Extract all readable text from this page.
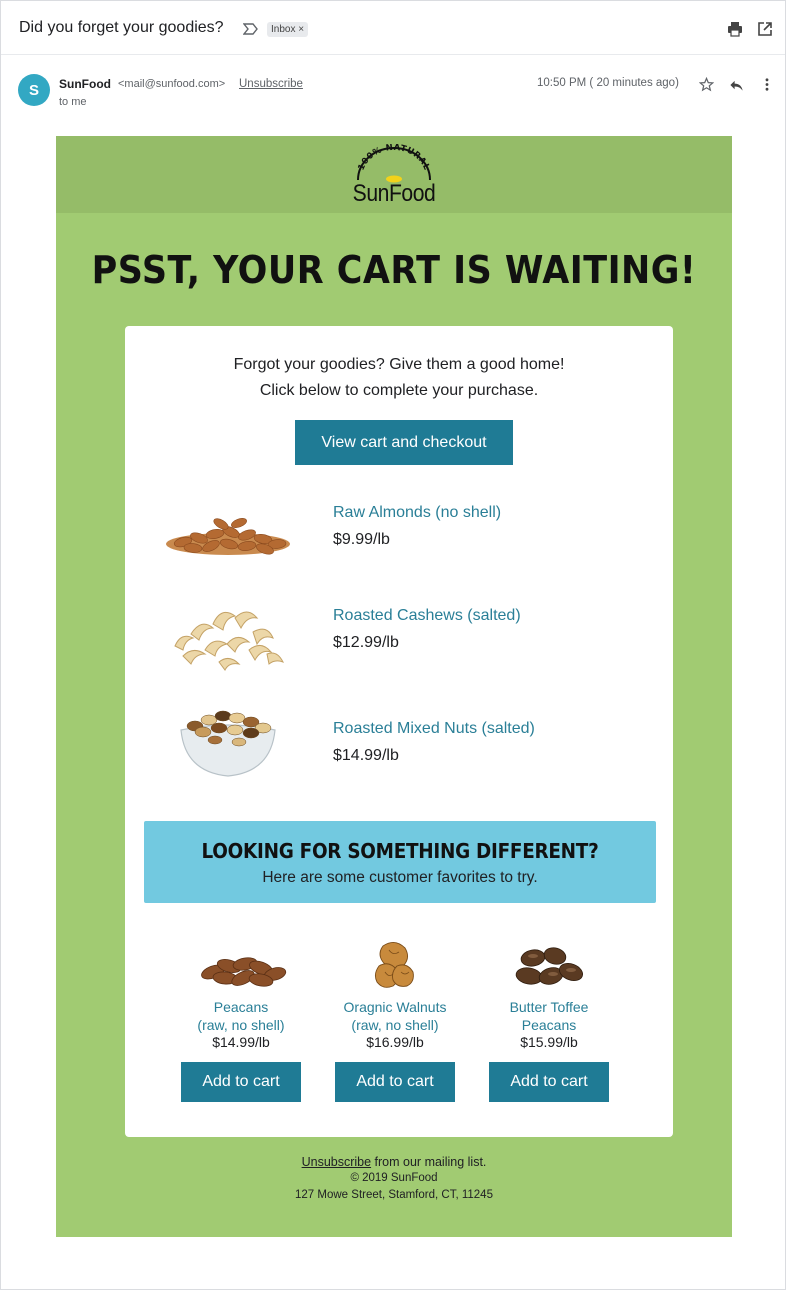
Did you forget your goodies?	Inbox ×
S	SunFood <mail@sunfood.com> Unsubscribe
to me
10:50 PM ( 20 minutes ago)
100% NATURAL
SunFood
PSST, YOUR CART IS WAITING!
Forgot your goodies? Give them a good home!
Click below to complete your purchase.
View cart and checkout
Raw Almonds (no shell)
$9.99/lb
Roasted Cashews (salted)
$12.99/lb
Roasted Mixed Nuts (salted)
$14.99/lb
LOOKING FOR SOMETHING DIFFERENT?
Here are some customer favorites to try.
Peacans
(raw, no shell)
$14.99/lb
Add to cart
Oragnic Walnuts
(raw, no shell)
$16.99/lb
Add to cart
Butter Toffee
Peacans
$15.99/lb
Add to cart
Unsubscribe from our mailing list.
© 2019 SunFood
127 Mowe Street, Stamford, CT, 11245
